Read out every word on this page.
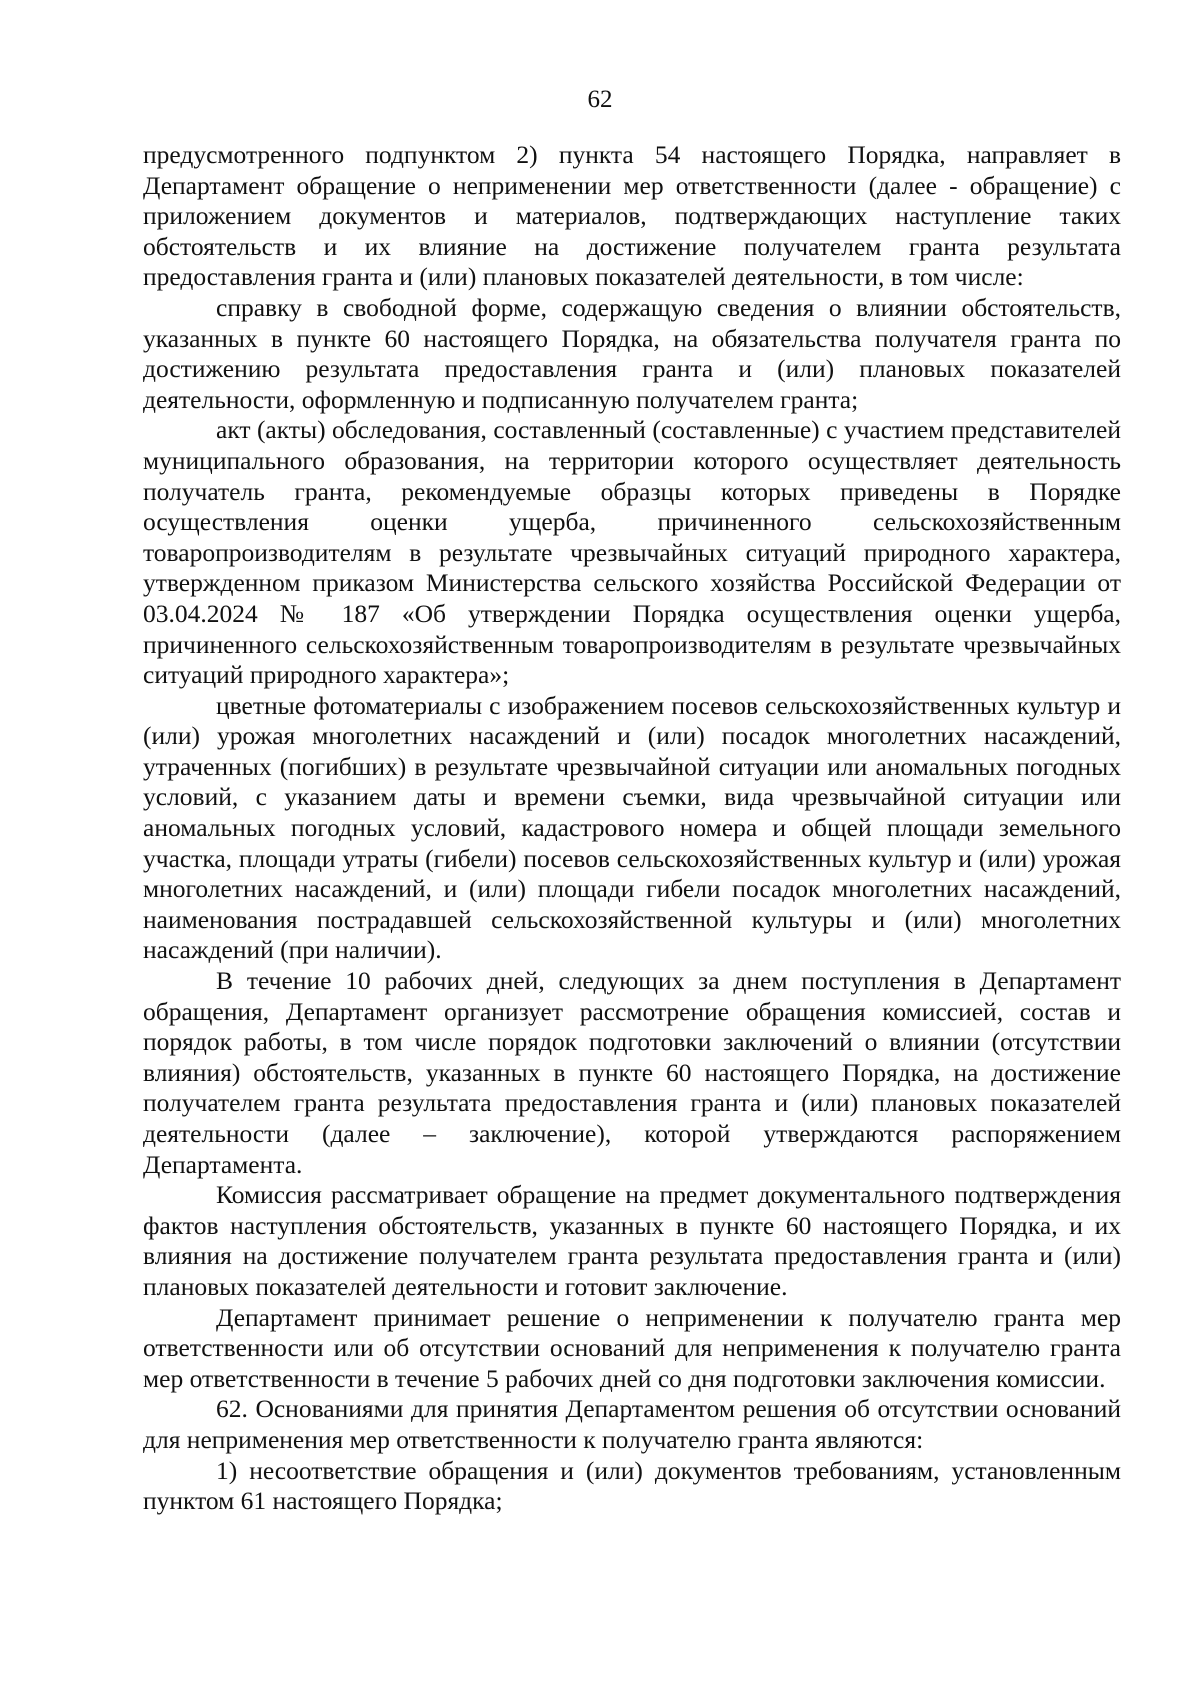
62

предусмотренного подпунктом 2) пункта 54 настоящего Порядка, направляет в Департамент обращение о неприменении мер ответственности (далее - обращение) с приложением документов и материалов, подтверждающих наступление таких обстоятельств и их влияние на достижение получателем гранта результата предоставления гранта и (или) плановых показателей деятельности, в том числе:

справку в свободной форме, содержащую сведения о влиянии обстоятельств, указанных в пункте 60 настоящего Порядка, на обязательства получателя гранта по достижению результата предоставления гранта и (или) плановых показателей деятельности, оформленную и подписанную получателем гранта;

акт (акты) обследования, составленный (составленные) с участием представителей муниципального образования, на территории которого осуществляет деятельность получатель гранта, рекомендуемые образцы которых приведены в Порядке осуществления оценки ущерба, причиненного сельскохозяйственным товаропроизводителям в результате чрезвычайных ситуаций природного характера, утвержденном приказом Министерства сельского хозяйства Российской Федерации от 03.04.2024 № 187 «Об утверждении Порядка осуществления оценки ущерба, причиненного сельскохозяйственным товаропроизводителям в результате чрезвычайных ситуаций природного характера»;

цветные фотоматериалы с изображением посевов сельскохозяйственных культур и (или) урожая многолетних насаждений и (или) посадок многолетних насаждений, утраченных (погибших) в результате чрезвычайной ситуации или аномальных погодных условий, с указанием даты и времени съемки, вида чрезвычайной ситуации или аномальных погодных условий, кадастрового номера и общей площади земельного участка, площади утраты (гибели) посевов сельскохозяйственных культур и (или) урожая многолетних насаждений, и (или) площади гибели посадок многолетних насаждений, наименования пострадавшей сельскохозяйственной культуры и (или) многолетних насаждений (при наличии).

В течение 10 рабочих дней, следующих за днем поступления в Департамент обращения, Департамент организует рассмотрение обращения комиссией, состав и порядок работы, в том числе порядок подготовки заключений о влиянии (отсутствии влияния) обстоятельств, указанных в пункте 60 настоящего Порядка, на достижение получателем гранта результата предоставления гранта и (или) плановых показателей деятельности (далее – заключение), которой утверждаются распоряжением Департамента.

Комиссия рассматривает обращение на предмет документального подтверждения фактов наступления обстоятельств, указанных в пункте 60 настоящего Порядка, и их влияния на достижение получателем гранта результата предоставления гранта и (или) плановых показателей деятельности и готовит заключение.

Департамент принимает решение о неприменении к получателю гранта мер ответственности или об отсутствии оснований для неприменения к получателю гранта мер ответственности в течение 5 рабочих дней со дня подготовки заключения комиссии.

62. Основаниями для принятия Департаментом решения об отсутствии оснований для неприменения мер ответственности к получателю гранта являются:

1) несоответствие обращения и (или) документов требованиям, установленным пунктом 61 настоящего Порядка;
